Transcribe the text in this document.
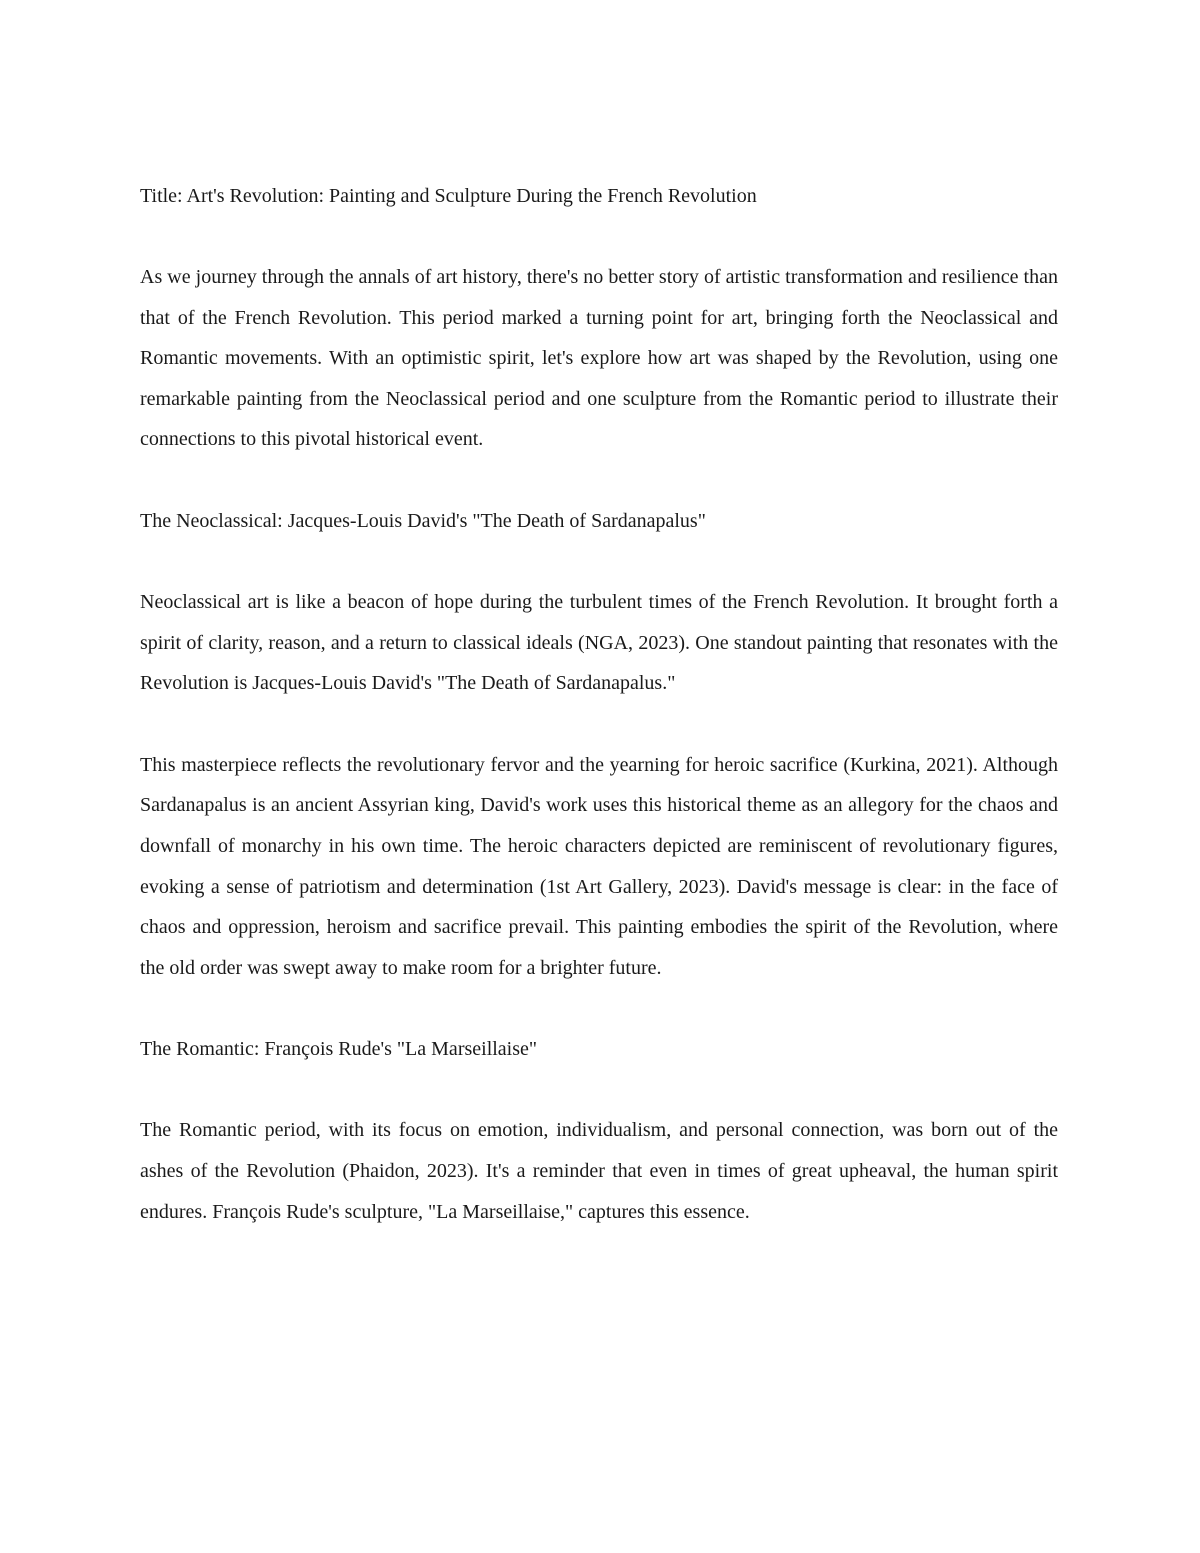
Title: Art's Revolution: Painting and Sculpture During the French Revolution

As we journey through the annals of art history, there's no better story of artistic transformation and resilience than that of the French Revolution. This period marked a turning point for art, bringing forth the Neoclassical and Romantic movements. With an optimistic spirit, let's explore how art was shaped by the Revolution, using one remarkable painting from the Neoclassical period and one sculpture from the Romantic period to illustrate their connections to this pivotal historical event.

The Neoclassical: Jacques-Louis David's "The Death of Sardanapalus"

Neoclassical art is like a beacon of hope during the turbulent times of the French Revolution. It brought forth a spirit of clarity, reason, and a return to classical ideals (NGA, 2023). One standout painting that resonates with the Revolution is Jacques-Louis David's "The Death of Sardanapalus."

This masterpiece reflects the revolutionary fervor and the yearning for heroic sacrifice (Kurkina, 2021). Although Sardanapalus is an ancient Assyrian king, David's work uses this historical theme as an allegory for the chaos and downfall of monarchy in his own time. The heroic characters depicted are reminiscent of revolutionary figures, evoking a sense of patriotism and determination (1st Art Gallery, 2023). David's message is clear: in the face of chaos and oppression, heroism and sacrifice prevail. This painting embodies the spirit of the Revolution, where the old order was swept away to make room for a brighter future.

The Romantic: François Rude's "La Marseillaise"

The Romantic period, with its focus on emotion, individualism, and personal connection, was born out of the ashes of the Revolution (Phaidon, 2023). It's a reminder that even in times of great upheaval, the human spirit endures. François Rude's sculpture, "La Marseillaise," captures this essence.
